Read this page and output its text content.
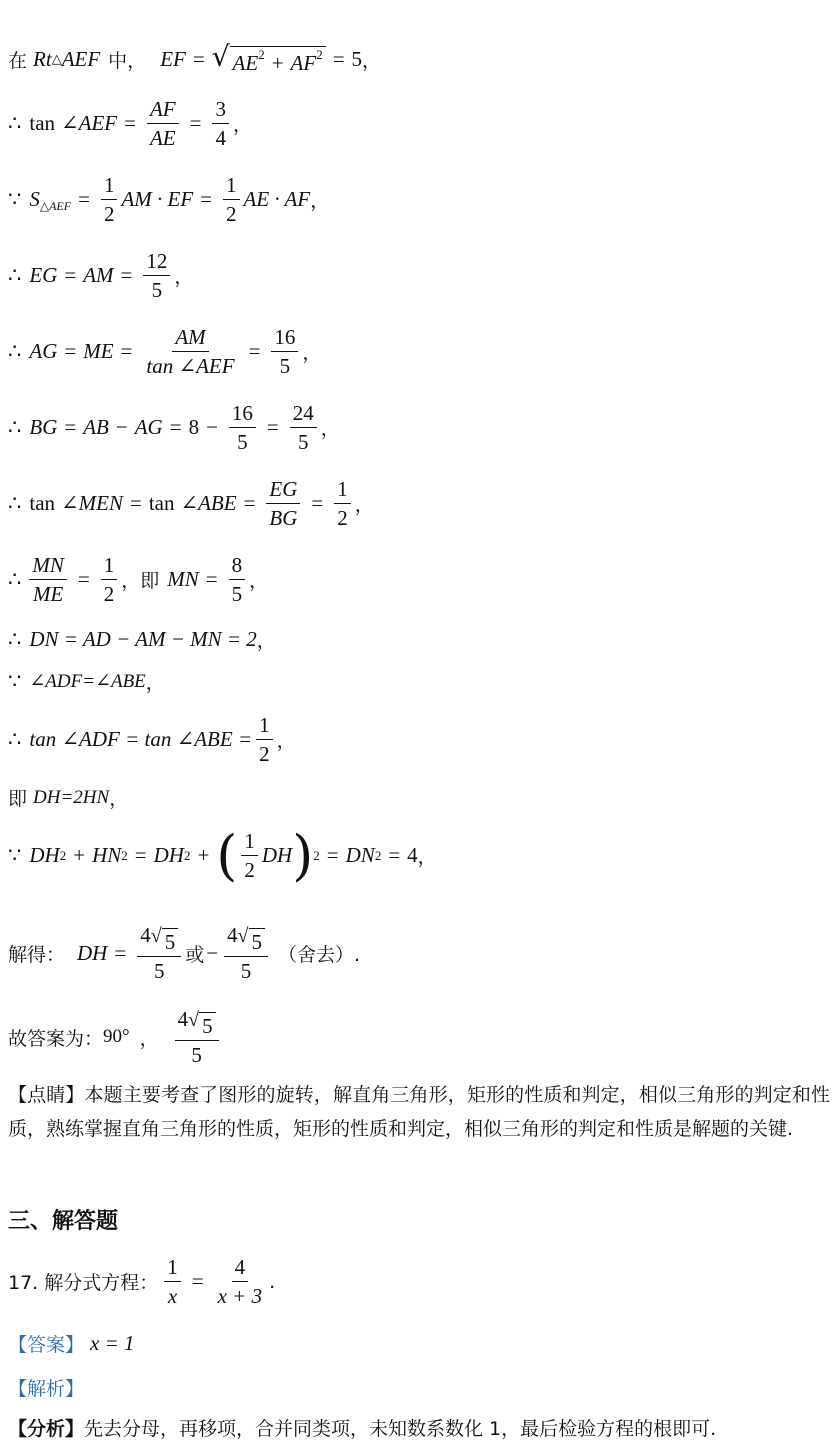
在 Rt △ AEF 中， EF = √ $AE^2 + AF^2 = 5$ ，
∴ tan ∠ AEF = $\frac{AF}{AE} = \frac{3}{4}$ ，
∵ S △AEF = $\frac{1}{2}$ AM · EF = $\frac{1}{2}$ AE · AF ，
∴ EG = AM = $\frac{12}{5}$ ，
∴ AG = ME = $\frac{AM}{\text{tan ∠AEF}} = \frac{16}{5}$ ，
∴ BG = AB − AG = $8 - \frac{16}{5} = \frac{24}{5}$ ，
∴ tan ∠MEN = tan ∠ABE = $\frac{EG}{BG} = \frac{1}{2}$ ，
∴ $\frac{MN}{ME} = \frac{1}{2}$ ，即 MN = $\frac{8}{5}$ ，
∴ DN = AD − AM − MN = 2 ，
∵ ∠ADF=∠ABE ，
∴ tan ∠ADF = tan ∠ABE = $\frac{1}{2}$ ，
即 DH=2HN ，
∵ DH 2 + HN 2 = DH 2 + ( $\frac{1}{2}$ DH ) 2 = DN 2 = 4 ，
解得： DH = $\frac{4 √ 5}{5}$ 或 − $\frac{4 √ 5}{5}$ （舍去）.
故答案为： 90° ， $\frac{4 √ 5}{5}$
【点睛】本题主要考查了图形的旋转，解直角三角形，矩形的性质和判定，相似三角形的判定和性质，熟练掌握直角三角形的性质，矩形的性质和判定，相似三角形的判定和性质是解题的关键.
三、解答题
17. 解分式方程： $\frac{1}{x} = \frac{4}{x + 3}$ .
【答案】 x = 1
【解析】
【分析】 先去分母，再移项，合并同类项，未知数系数化 1，最后检验方程的根即可.
